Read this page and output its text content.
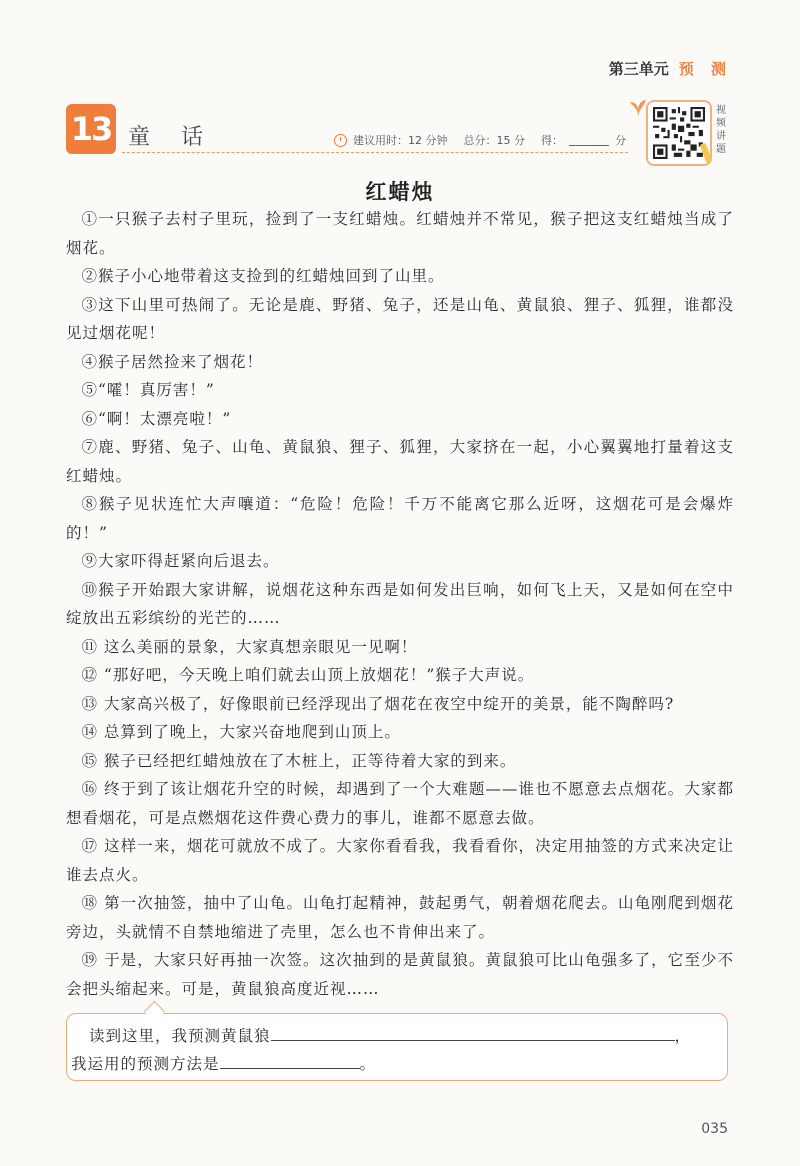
第三单元 预 测
13 童 话	建议用时：12 分钟 总分：15 分 得：	分
视频讲题
红蜡烛

①一只猴子去村子里玩，捡到了一支红蜡烛。红蜡烛并不常见，猴子把这支红蜡烛当成了烟花。

②猴子小心地带着这支捡到的红蜡烛回到了山里。

③这下山里可热闹了。无论是鹿、野猪、兔子，还是山龟、黄鼠狼、狸子、狐狸，谁都没见过烟花呢！

④猴子居然捡来了烟花！

⑤“嚯！真厉害！”

⑥“啊！太漂亮啦！”

⑦鹿、野猪、兔子、山龟、黄鼠狼、狸子、狐狸，大家挤在一起，小心翼翼地打量着这支红蜡烛。

⑧猴子见状连忙大声嚷道：“危险！危险！千万不能离它那么近呀，这烟花可是会爆炸的！”

⑨大家吓得赶紧向后退去。

⑩猴子开始跟大家讲解，说烟花这种东西是如何发出巨响，如何飞上天，又是如何在空中绽放出五彩缤纷的光芒的……

⑪ 这么美丽的景象，大家真想亲眼见一见啊！

⑫ “那好吧，今天晚上咱们就去山顶上放烟花！”猴子大声说。

⑬ 大家高兴极了，好像眼前已经浮现出了烟花在夜空中绽开的美景，能不陶醉吗?

⑭ 总算到了晚上，大家兴奋地爬到山顶上。

⑮ 猴子已经把红蜡烛放在了木桩上，正等待着大家的到来。

⑯ 终于到了该让烟花升空的时候，却遇到了一个大难题——谁也不愿意去点烟花。大家都想看烟花，可是点燃烟花这件费心费力的事儿，谁都不愿意去做。

⑰ 这样一来，烟花可就放不成了。大家你看看我，我看看你，决定用抽签的方式来决定让谁去点火。

⑱ 第一次抽签，抽中了山龟。山龟打起精神，鼓起勇气，朝着烟花爬去。山龟刚爬到烟花旁边，头就情不自禁地缩进了壳里，怎么也不肯伸出来了。

⑲ 于是，大家只好再抽一次签。这次抽到的是黄鼠狼。黄鼠狼可比山龟强多了，它至少不会把头缩起来。可是，黄鼠狼高度近视……

读到这里，我预测黄鼠狼	，
我运用的预测方法是	。
035
